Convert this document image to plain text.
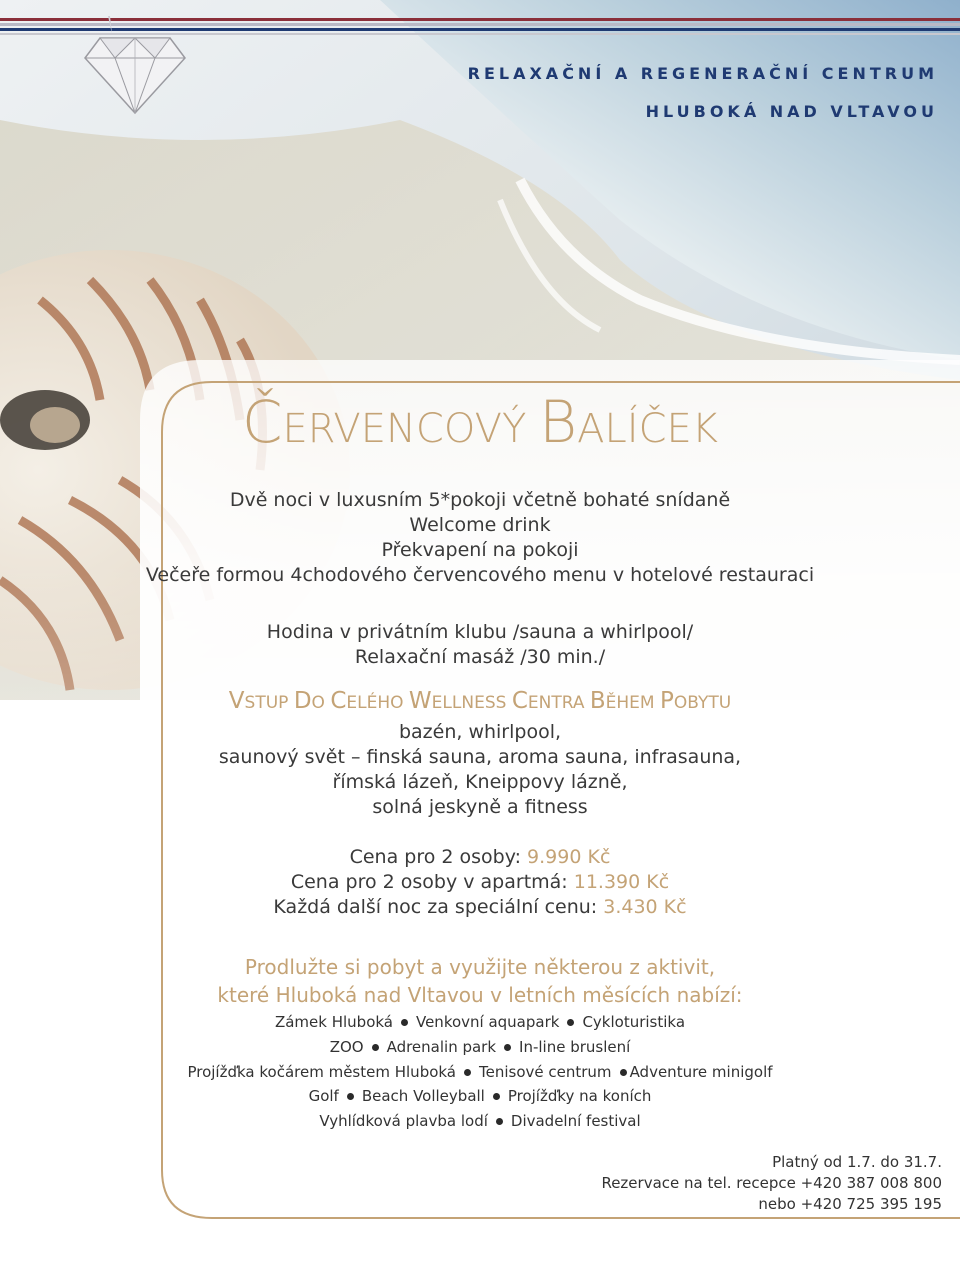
RELAXAČNÍ A REGENERAČNÍ CENTRUM
HLUBOKÁ NAD VLTAVOU
ČERVENCOVÝ BALÍČEK
Dvě noci v luxusním 5*pokoji včetně bohaté snídaně
Welcome drink
Překvapení na pokoji
Večeře formou 4chodového červencového menu v hotelové restauraci
Hodina v privátním klubu /sauna a whirlpool/
Relaxační masáž /30 min./
VSTUP DO CELÉHO WELLNESS CENTRA BĚHEM POBYTU
bazén, whirlpool,
saunový svět – finská sauna, aroma sauna, infrasauna,
římská lázeň, Kneippovy lázně,
solná jeskyně a fitness
Cena pro 2 osoby: 9.990 Kč
Cena pro 2 osoby v apartmá: 11.390 Kč
Každá další noc za speciální cenu: 3.430 Kč
Prodlužte si pobyt a využijte některou z aktivit,
které Hluboká nad Vltavou v letních měsících nabízí:
Zámek Hluboká Venkovní aquapark Cykloturistika
ZOO Adrenalin park In-line bruslení
Projížďka kočárem městem Hluboká Tenisové centrum Adventure minigolf
Golf Beach Volleyball Projížďky na koních
Vyhlídková plavba lodí Divadelní festival
Platný od 1.7. do 31.7.
Rezervace na tel. recepce +420 387 008 800
nebo +420 725 395 195
